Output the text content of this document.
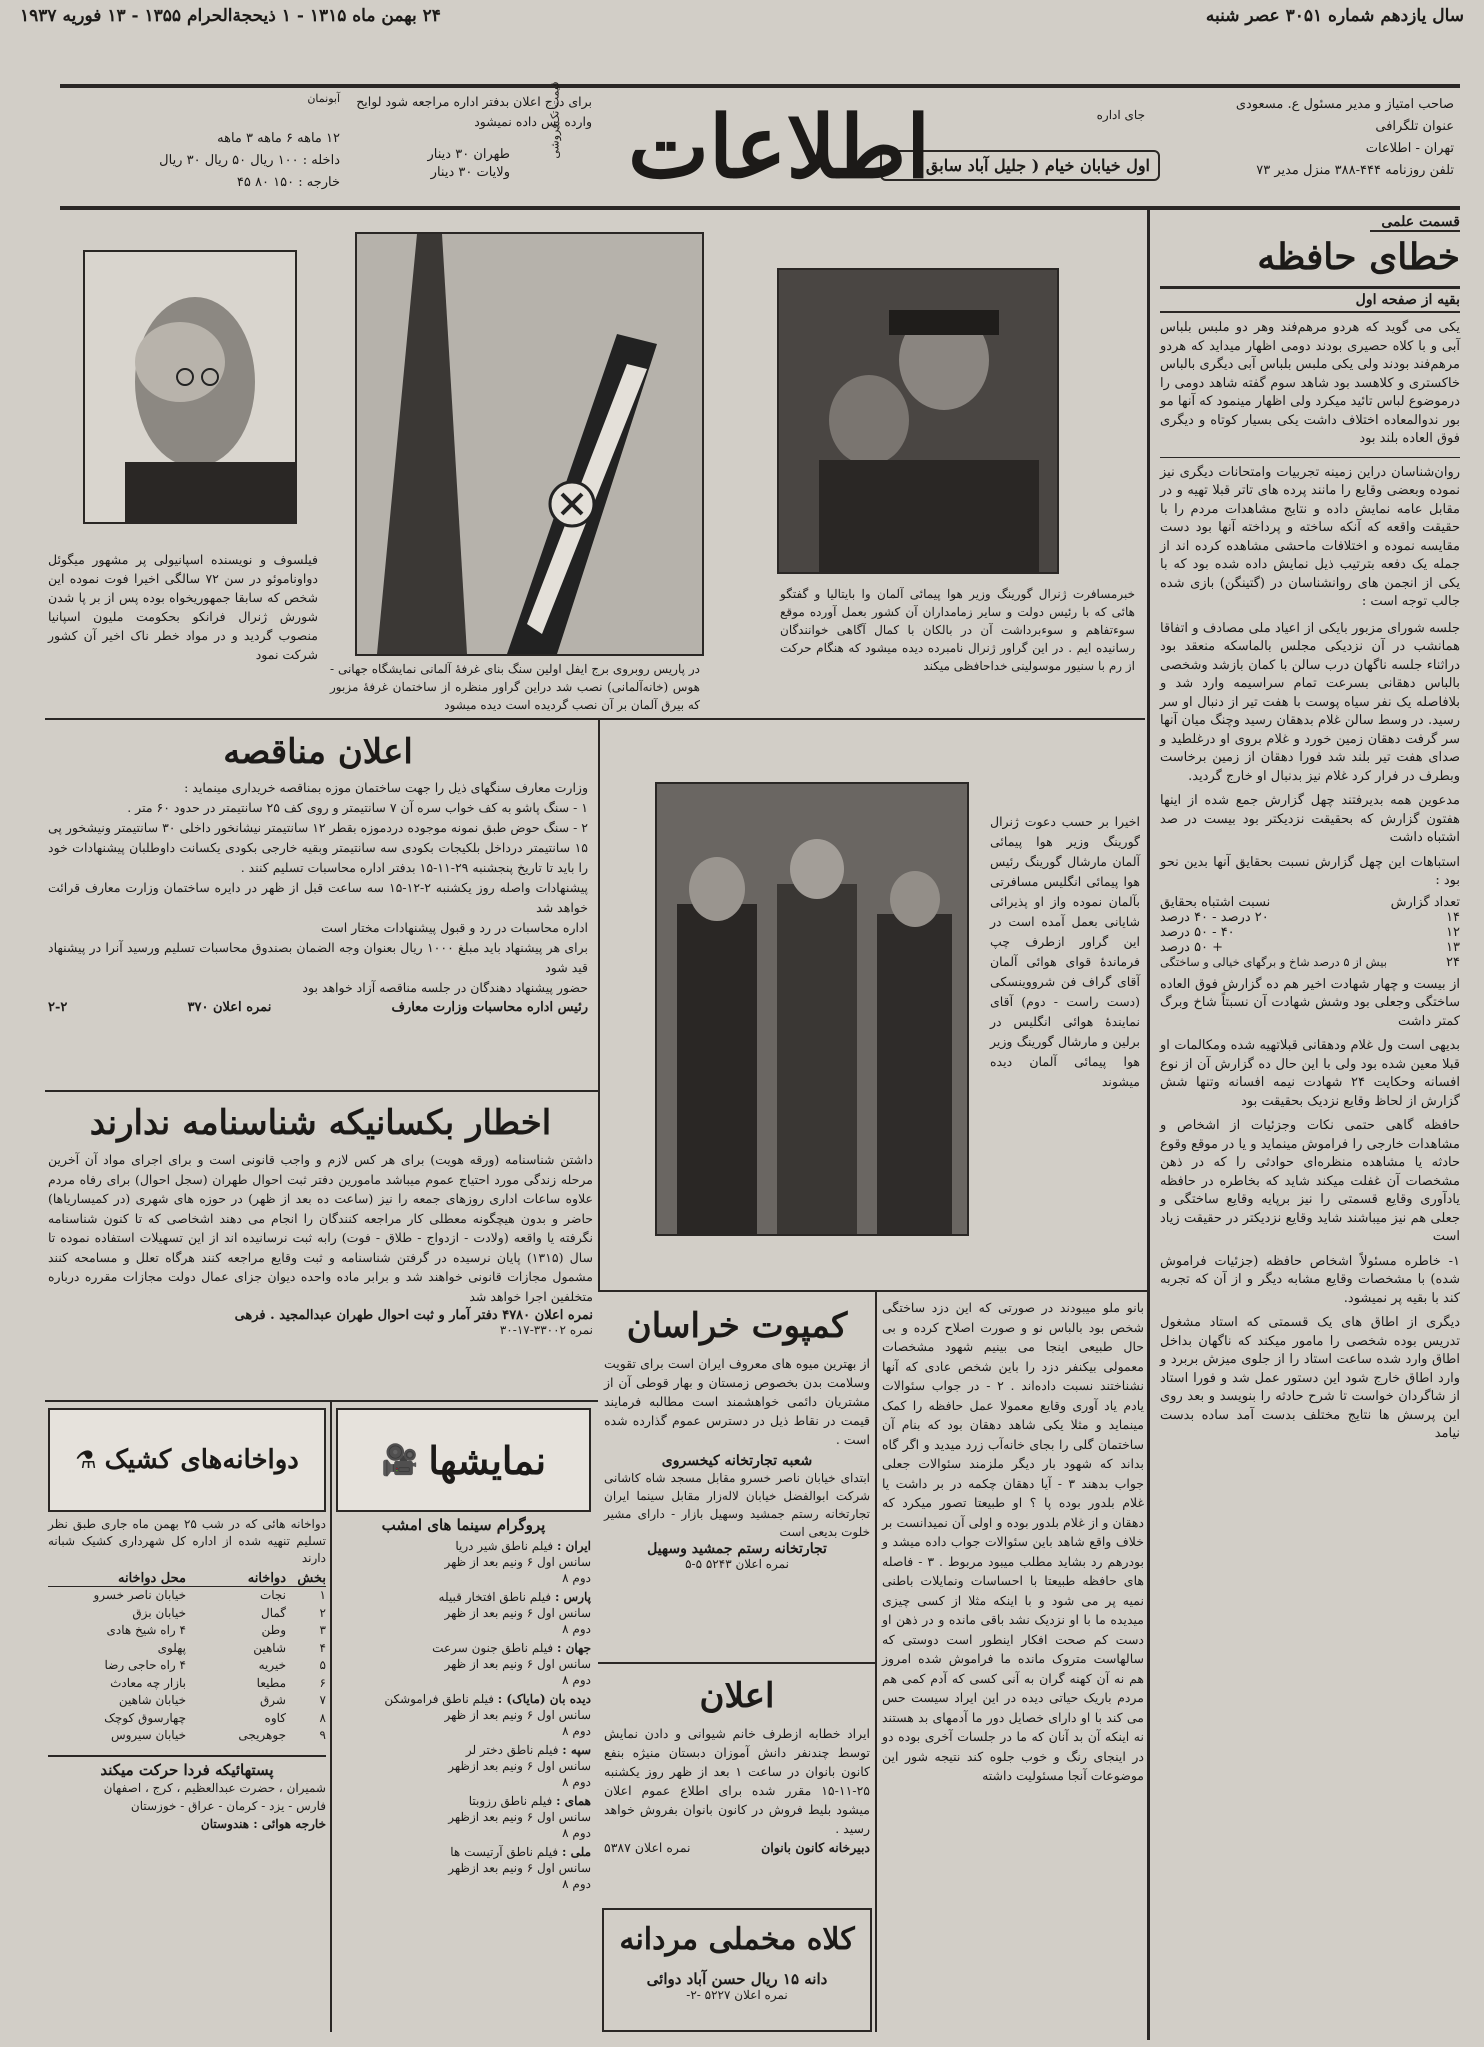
سال یازدهم شماره ۳۰۵۱ عصر شنبه
۲۴ بهمن ماه ۱۳۱۵ - ۱ ذیحجةالحرام ۱۳۵۵ - ۱۳ فوریه ۱۹۳۷
صاحب امتیاز و مدیر مسئول ع. مسعودی
عنوان تلگرافی
تهران - اطلاعات
تلفن روزنامه ۴۴۴-۳۸۸ منزل مدیر ۷۳
جای اداره
اول خیابان خیام ( جلیل آباد سابق )
اطلاعات
قیمت تک‌فروشی
طهران ۳۰ دینار
ولایات ۳۰ دینار
برای درج اعلان بدفتر اداره مراجعه شود لوایح وارده پس داده نمیشود
آبونمان
۱۲ ماهه ۶ ماهه ۳ ماهه
داخله : ۱۰۰ ریال ۵۰ ریال ۳۰ ریال
خارجه : ۱۵۰ ۸۰ ۴۵
قسمت علمی
خطای حافظه
بقیه از صفحه اول

یکی می گوید که هردو مرهم‌فند وهر دو ملبس بلباس آبی و با کلاه حصیری بودند دومی اظهار میداید که هردو مرهم‌فند بودند ولی یکی ملبس بلباس آبی دیگری بالباس خاکستری و کلاهسد بود شاهد سوم گفته شاهد دومی را درموضوع لباس تائید میکرد ولی اظهار مینمود که آنها مو بور ندوالمعاده اختلاف داشت یکی بسیار کوتاه و دیگری فوق العاده بلند بود

روان‌شناسان دراین زمینه تجربیات وامتحانات دیگری نیز نموده وبعضی وقایع را مانند پرده های تاتر قبلا تهیه و در مقابل عامه نمایش داده و نتایج مشاهدات مردم را با حقیقت واقعه که آنکه ساخته و پرداخته آنها بود دست مقایسه نموده و اختلافات ماحشی مشاهده کرده اند از جمله یک دفعه بترتیب ذیل نمایش داده شده بود که با یکی از انجمن های روانشناسان در (گتینگن) بازی شده جالب توجه است :

جلسه شورای مزبور بایکی از اعیاد ملی مصادف و اتفاقا همانشب در آن نزدیکی مجلس بالماسکه منعقد بود دراثناء جلسه ناگهان درب سالن با کمان بازشد وشخصی بالباس دهقانی بسرعت تمام سراسیمه وارد شد و بلافاصله یک نفر سیاه پوست با هفت تیر از دنبال او سر رسید. در وسط سالن غلام بدهقان رسید وچنگ میان آنها سر گرفت دهقان زمین خورد و غلام بروی او درغلطید و صدای هفت تیر بلند شد فورا دهقان از زمین برخاست وبطرف در فرار کرد غلام نیز بدنبال او خارج گردید.

مدعوین همه بدیرفتند چهل گزارش جمع شده از اینها هفتون گزارش که بحقیقت نزدیکتر بود بیست در صد اشتباه داشت

استباهات این چهل گزارش نسبت بحقایق آنها بدین نحو بود :

تعداد گزارش
نسبت اشتباه بحقایق
۱۴
۲۰ درصد - ۴۰ درصد
۱۲
۴۰ - ۵۰ درصد
۱۳
+ ۵۰ درصد
۲۴
بیش از ۵ درصد شاخ و برگهای خیالی و ساختگی

از بیست و چهار شهادت اخیر هم ده گزارش فوق العاده ساختگی وجعلی بود وشش شهادت آن نسبتاً شاخ وبرگ کمتر داشت

بدیهی است ول غلام ودهقانی قبلاتهیه شده ومکالمات او قبلا معین شده بود ولی با این حال ده گزارش آن از نوع افسانه وحکایت ۲۴ شهادت نیمه افسانه وتنها شش گزارش از لحاظ وقایع نزدیک بحقیقت بود

حافظه گاهی حتمی نکات وجزئیات از اشخاص و مشاهدات خارجی را فراموش مینماید و یا در موقع وقوع حادثه یا مشاهده منظره‌ای حوادثی را که در ذهن مشخصات آن غفلت میکند شاید که بخاطره در حافظه یادآوری وقایع قسمتی را نیز برپایه وقایع ساختگی و جعلی هم نیز میباشند شاید وقایع نزدیکتر در حقیقت زیاد است

۱- خاطره مسئولاً اشخاص حافظه (جزئیات فراموش شده) با مشخصات وقایع مشابه دیگر و از آن که تجربه کند با بقیه پر نمیشود.

دیگری از اطاق های یک قسمتی که استاد مشغول تدریس بوده شخصی را مامور میکند که ناگهان بداخل اطاق وارد شده ساعت استاد را از جلوی میزش بربرد و وارد اطاق خارج شود این دستور عمل شد و فورا استاد از شاگردان خواست تا شرح حادثه را بنویسد و بعد روی این پرسش ها نتایج مختلف بدست آمد ساده بدست نیامد

فیلسوف و نویسنده اسپانیولی پر مشهور میگوئل دواوناموئو در سن ۷۲ سالگی اخیرا فوت نموده این شخص که سابقا جمهوریخواه بوده پس از بر پا شدن شورش ژنرال فرانکو بحکومت ملیون اسپانیا منصوب گردید و در مواد خطر ناک اخیر آن کشور شرکت نمود
در پاریس روبروی برج ایفل اولین سنگ بنای غرفهٔ آلمانی نمایشگاه جهانی - هوس (خانه‌آلمانی) نصب شد دراین گراور منظره از ساختمان غرفهٔ مزبور که بیرق آلمان بر آن نصب گردیده است دیده میشود
خبرمسافرت ژنرال گورینگ وزیر هوا پیمائی آلمان وا بایتالیا و گفتگو هائی که با رئیس دولت و سایر زمامداران آن کشور بعمل آورده موقع سوءتفاهم و سوءبرداشت آن در بالکان با کمال آگاهی خوانندگان رسانیده ایم . در این گراور ژنرال نامبرده دیده میشود که هنگام حرکت از رم با سنیور موسولینی خداحافظی میکند
اعلان مناقصه
وزارت معارف سنگهای ذیل را جهت ساختمان موزه بمناقصه خریداری مینماید :
۱ - سنگ پاشو به کف خواب سره آن ۷ سانتیمتر و روی کف ۲۵ سانتیمتر در حدود ۶۰ متر .
۲ - سنگ حوض طبق نمونه موجوده دردموزه بقطر ۱۲ سانتیمتر نیشانخور داخلی ۳۰ سانتیمتر ونیشخور پی ۱۵ سانتیمتر درداخل بلکیجات بکودی سه سانتیمتر وبقیه خارجی بکودی یکسانت داوطلبان پیشنهادات خود را باید تا تاریخ پنجشنبه ۲۹-۱۱-۱۵ بدفتر اداره محاسبات تسلیم کنند .
پیشنهادات واصله روز یکشنبه ۲-۱۲-۱۵ سه ساعت قبل از ظهر در دایره ساختمان وزارت معارف قرائت خواهد شد
اداره محاسبات در رد و قبول پیشنهادات مختار است
برای هر پیشنهاد باید مبلغ ۱۰۰۰ ریال بعنوان وجه الضمان بصندوق محاسبات تسلیم ورسید آنرا در پیشنهاد قید شود
حضور پیشنهاد دهندگان در جلسه مناقصه آزاد خواهد بود
رئیس اداره محاسبات وزارت معارف
نمره اعلان ۳۷۰
۲-۲
اخطار بکسانیکه شناسنامه ندارند
داشتن شناسنامه (ورقه هویت) برای هر کس لازم و واجب قانونی است و برای اجرای مواد آن آخرین مرحله زندگی مورد احتیاج عموم میباشد مامورین دفتر ثبت احوال طهران (سجل احوال) برای رفاه مردم علاوه ساعات اداری روزهای جمعه را نیز (ساعت ده بعد از ظهر) در حوزه های شهری (در کمیساریاها) حاضر و بدون هیچگونه معطلی کار مراجعه کنندگان را انجام می دهند اشخاصی که تا کنون شناسنامه نگرفته یا واقعه (ولادت - ازدواج - طلاق - فوت) رابه ثبت نرسانیده اند از این تسهیلات استفاده نموده تا سال (۱۳۱۵) پایان نرسیده در گرفتن شناسنامه و ثبت وقایع مراجعه کنند هرگاه تعلل و مسامحه کنند مشمول مجازات قانونی خواهند شد و برابر ماده واحده دیوان جزای عمال دولت مجازات مقرره درباره متخلفین اجرا خواهد شد
نمره اعلان ۴۷۸۰ دفتر آمار و ثبت احوال طهران عبدالمجید . فرهی
نمره ۳۳۰۰۲-۱۷-۳۰
اخیرا بر حسب دعوت ژنرال گورینگ وزیر هوا پیمائی آلمان مارشال گورینگ رئیس هوا پیمائی انگلیس مسافرتی بآلمان نموده واز او پذیرائی شایانی بعمل آمده است در این گراور ازطرف چپ فرماندهٔ قوای هوائی آلمان آقای گراف فن شرووینسکی (دست راست - دوم) آقای نمایندهٔ هوائی انگلیس در برلین و مارشال گورینگ وزیر هوا پیمائی آلمان دیده میشوند
بانو ملو میبودند در صورتی که این دزد ساختگی شخص بود بالباس نو و صورت اصلاح کرده و بی حال طبیعی اینجا می بینیم شهود مشخصات معمولی بیکنفر دزد را باین شخص عادی که آنها نشناختند نسبت داده‌اند . ۲ - در جواب سئوالات یادم یاد آوری وقایع معمولا عمل حافظه را کمک مینماید و مثلا یکی شاهد دهقان بود که بنام آن ساختمان گلی را بجای خانه‌آب زرد میدید و اگر گاه بداند که شهود بار دیگر ملزمند سئوالات جعلی جواب بدهند ۳ - آیا دهقان چکمه در بر داشت یا غلام بلدور بوده پا ؟ او طبیعتا تصور میکرد که دهقان و از غلام بلدور بوده و اولی آن نمیدانست بر خلاف واقع شاهد باین سئوالات جواب داده میشد و بودرهم رد بشاید مطلب میبود مربوط . ۳ - فاصله های حافظه طبیعتا با احساسات ونمایلات باطنی نمیه پر می شود و با اینکه مثلا از کسی چیزی میدیده ما با او نزدیک نشد باقی مانده و در ذهن او دست کم صحت افکار اینطور است دوستی که سالهاست متروک مانده ما فراموش شده امروز هم نه آن کهنه گران به آنی کسی که آدم کمی هم مردم باریک حیاتی دیده در این ایراد سیست حس می کند با او دارای خصایل دور ما آدمهای بد هستند نه اینکه آن بد آنان که ما در جلسات آخری بوده دو در اینجای رنگ و خوب جلوه کند نتیجه شور این موضوعات آنجا مسئولیت داشته
کمپوت خراسان
از بهترین میوه های معروف ایران است برای تقویت وسلامت بدن بخصوص زمستان و بهار قوطی آن از مشتریان دائمی خواهشمند است مطالبه فرمایند قیمت در نقاط ذیل در دسترس عموم گذارده شده است .
شعبه تجارتخانه کیخسروی
ابتدای خیابان ناصر خسرو مقابل مسجد شاه کاشانی شرکت ابوالفضل خیابان لاله‌زار مقابل سینما ایران تجارتخانه رستم جمشید وسهیل بازار - دارای مشیر خلوت بدیعی است
تجارتخانه رستم جمشید وسهیل
نمره اعلان ۵۲۴۳ ۵-۵
اعلان
ایراد خطابه ازطرف خانم شیوانی و دادن نمایش توسط چندنفر دانش آموزان دبستان منیژه بنفع کانون بانوان در ساعت ۱ بعد از ظهر روز یکشنبه ۲۵-۱۱-۱۵ مقرر شده برای اطلاع عموم اعلان میشود بلیط فروش در کانون بانوان بفروش خواهد رسید .
دبیرخانه کانون بانوان
نمره اعلان ۵۳۸۷
کلاه مخملی مردانه
دانه ۱۵ ریال حسن آباد دوائی
نمره اعلان ۵۲۲۷ -۲-
نمایشها
🎥
پروگرام سینما های امشب
ایران : فیلم ناطق شیر دریا
سانس اول ۶ ونیم بعد از ظهر
دوم ۸
پارس : فیلم ناطق افتخار قبیله
سانس اول ۶ ونیم بعد از ظهر
دوم ۸
جهان : فیلم ناطق جنون سرعت
سانس اول ۶ ونیم بعد از ظهر
دوم ۸
دیده بان (مایاک) : فیلم ناطق فراموشکن
سانس اول ۶ ونیم بعد از ظهر
دوم ۸
سپه : فیلم ناطق دختر لر
سانس اول ۶ ونیم بعد ازظهر
دوم ۸
همای : فیلم ناطق رزوبتا
سانس اول ۶ ونیم بعد ازظهر
دوم ۸
ملی : فیلم ناطق آرتیست ها
سانس اول ۶ ونیم بعد ازظهر
دوم ۸
دواخانه‌های کشیک
⚗
دواخانه هائی که در شب ۲۵ بهمن ماه جاری طبق نظر تسلیم تنهیه شده از اداره کل شهرداری کشیک شبانه دارند
بخش
دواخانه
محل دواخانه
۱
نجات
خیابان ناصر خسرو
۲
گمال
خیابان بزق
۳
وطن
۴ راه شیخ هادی
۴
شاهین
پهلوی
۵
خیریه
۴ راه حاجی رضا
۶
مطیعا
بازار چه معادث
۷
شرق
خیابان شاهین
۸
کاوه
چهارسوق کوچک
۹
جوهریجی
خیابان سیروس
پستهائیکه فردا حرکت میکند
شمیران ، حضرت عبدالعظیم ، کرج ، اصفهان
فارس - یزد - کرمان - عراق - خوزستان
خارجه هوائی : هندوستان
